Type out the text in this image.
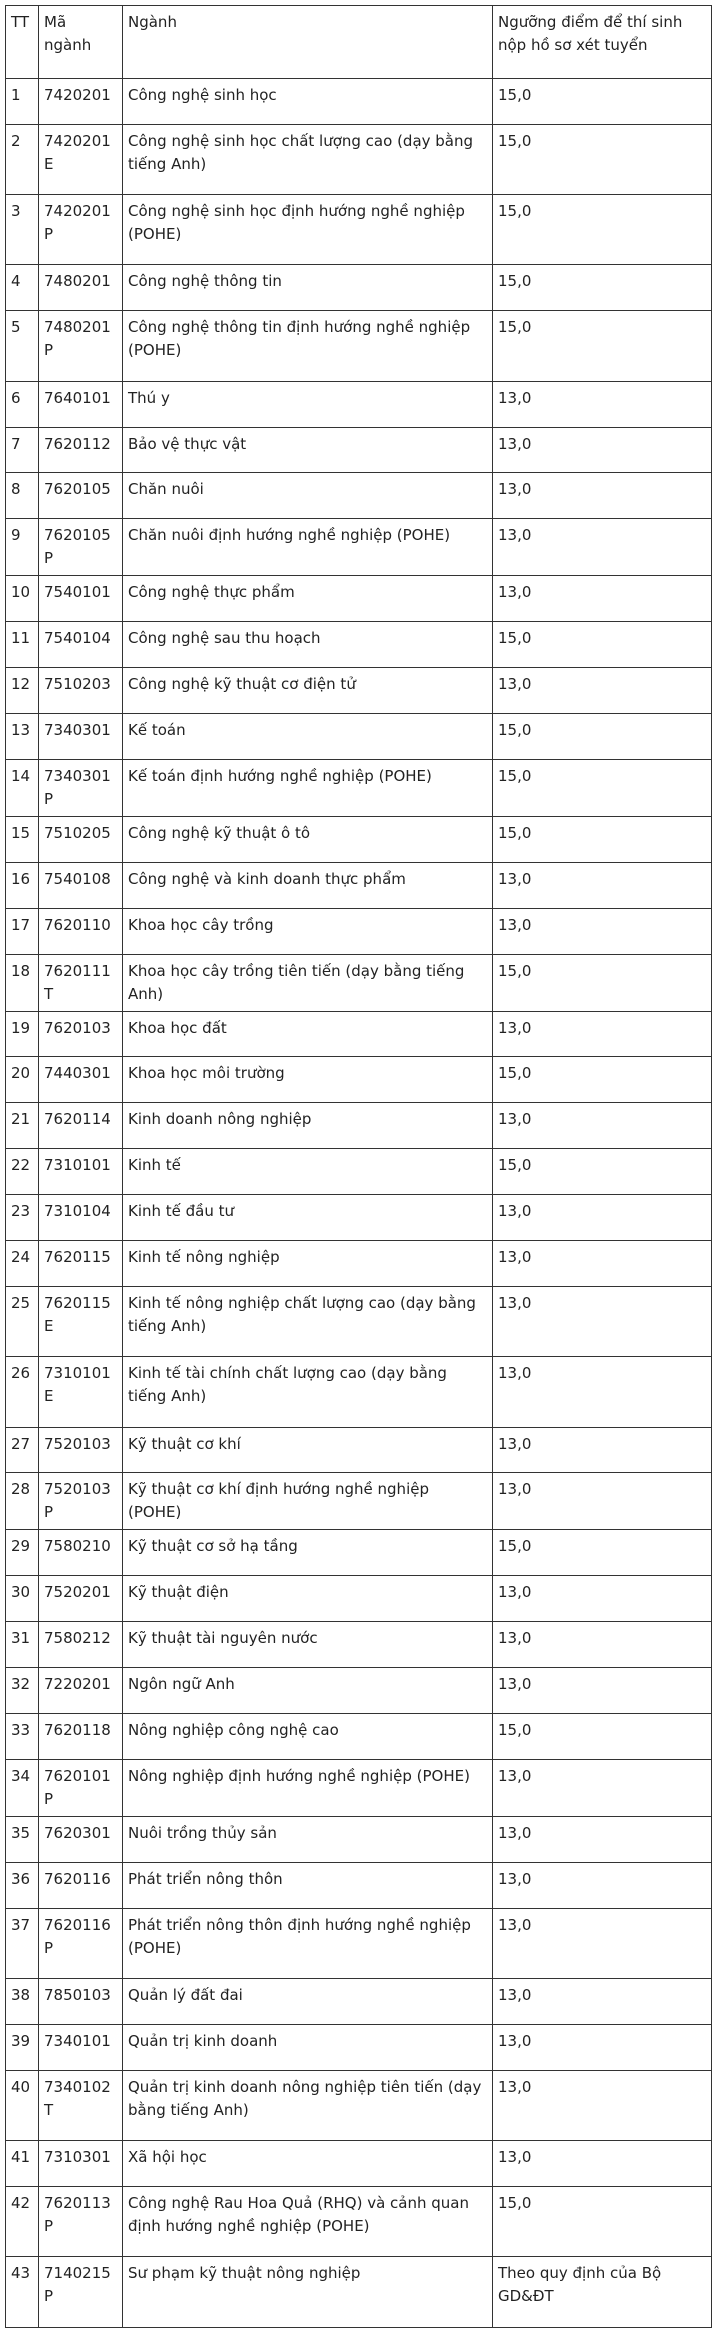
TT	Mã ngành	Ngành	Ngưỡng điểm để thí sinh nộp hồ sơ xét tuyển
1	7420201	Công nghệ sinh học	15,0
2	7420201E	Công nghệ sinh học chất lượng cao (dạy bằng tiếng Anh)	15,0
3	7420201P	Công nghệ sinh học định hướng nghề nghiệp (POHE)	15,0
4	7480201	Công nghệ thông tin	15,0
5	7480201P	Công nghệ thông tin định hướng nghề nghiệp (POHE)	15,0
6	7640101	Thú y	13,0
7	7620112	Bảo vệ thực vật	13,0
8	7620105	Chăn nuôi	13,0
9	7620105P	Chăn nuôi định hướng nghề nghiệp (POHE)	13,0
10	7540101	Công nghệ thực phẩm	13,0
11	7540104	Công nghệ sau thu hoạch	15,0
12	7510203	Công nghệ kỹ thuật cơ điện tử	13,0
13	7340301	Kế toán	15,0
14	7340301P	Kế toán định hướng nghề nghiệp (POHE)	15,0
15	7510205	Công nghệ kỹ thuật ô tô	15,0
16	7540108	Công nghệ và kinh doanh thực phẩm	13,0
17	7620110	Khoa học cây trồng	13,0
18	7620111T	Khoa học cây trồng tiên tiến (dạy bằng tiếng Anh)	15,0
19	7620103	Khoa học đất	13,0
20	7440301	Khoa học môi trường	15,0
21	7620114	Kinh doanh nông nghiệp	13,0
22	7310101	Kinh tế	15,0
23	7310104	Kinh tế đầu tư	13,0
24	7620115	Kinh tế nông nghiệp	13,0
25	7620115E	Kinh tế nông nghiệp chất lượng cao (dạy bằng tiếng Anh)	13,0
26	7310101E	Kinh tế tài chính chất lượng cao (dạy bằng tiếng Anh)	13,0
27	7520103	Kỹ thuật cơ khí	13,0
28	7520103P	Kỹ thuật cơ khí định hướng nghề nghiệp (POHE)	13,0
29	7580210	Kỹ thuật cơ sở hạ tầng	15,0
30	7520201	Kỹ thuật điện	13,0
31	7580212	Kỹ thuật tài nguyên nước	13,0
32	7220201	Ngôn ngữ Anh	13,0
33	7620118	Nông nghiệp công nghệ cao	15,0
34	7620101P	Nông nghiệp định hướng nghề nghiệp (POHE)	13,0
35	7620301	Nuôi trồng thủy sản	13,0
36	7620116	Phát triển nông thôn	13,0
37	7620116P	Phát triển nông thôn định hướng nghề nghiệp (POHE)	13,0
38	7850103	Quản lý đất đai	13,0
39	7340101	Quản trị kinh doanh	13,0
40	7340102T	Quản trị kinh doanh nông nghiệp tiên tiến (dạy bằng tiếng Anh)	13,0
41	7310301	Xã hội học	13,0
42	7620113P	Công nghệ Rau Hoa Quả (RHQ) và cảnh quan định hướng nghề nghiệp (POHE)	15,0
43	7140215P	Sư phạm kỹ thuật nông nghiệp	Theo quy định của Bộ GD&ĐT
